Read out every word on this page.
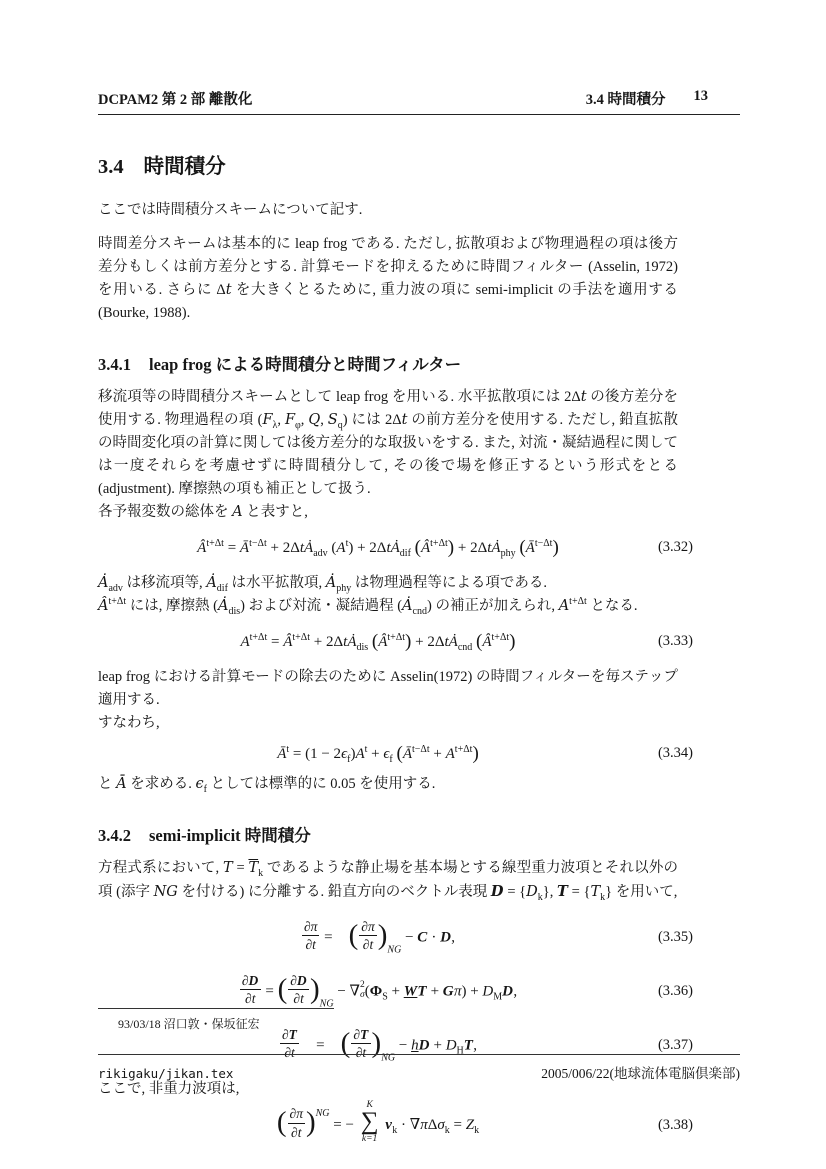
DCPAM2 第 2 部 離散化	3.4 時間積分 13
3.4 時間積分

ここでは時間積分スキームについて記す.

時間差分スキームは基本的に leap frog である. ただし, 拡散項および物理過程の項は後方差分もしくは前方差分とする. 計算モードを抑えるために時間フィルター (Asselin, 1972) を用いる. さらに Δt を大きくとるために, 重力波の項に semi-implicit の手法を適用する (Bourke, 1988).

3.4.1 leap frog による時間積分と時間フィルター

移流項等の時間積分スキームとして leap frog を用いる. 水平拡散項には 2Δt の後方差分を使用する. 物理過程の項 ($F_\lambda$, $F_\varphi$, Q, $S_q$) には 2Δt の前方差分を使用する. ただし, 鉛直拡散の時間変化項の計算に関しては後方差分的な取扱いをする. また, 対流・凝結過程に関しては一度それらを考慮せずに時間積分して, その後で場を修正するという形式をとる (adjustment). 摩擦熱の項も補正として扱う.

各予報変数の総体を A と表すと,

$Â^{t+\Delta t}$ = $Ā^{t-\Delta t}$ + 2ΔtȦ$_{adv}$ $(A^t)$ + 2ΔtȦ$_{dif}$ $(Â^{t+\Delta t})$ + 2ΔtȦ$_{phy}$ $(Ā^{t-\Delta t})$	(3.32)

$Ȧ_{adv}$ は移流項等, $Ȧ_{dif}$ は水平拡散項, $Ȧ_{phy}$ は物理過程等による項である.

$Â^{t+\Delta t}$ には, 摩擦熱 $(Ȧ_{dis})$ および対流・凝結過程 $(Ȧ_{cnd})$ の補正が加えられ, $A^{t+\Delta t}$ となる.

$A^{t+\Delta t}$ = $Â^{t+\Delta t}$ + 2ΔtȦ$_{dis}$ $(Â^{t+\Delta t})$ + 2ΔtȦ$_{cnd}$ $(Â^{t+\Delta t})$	(3.33)

leap frog における計算モードの除去のために Asselin(1972) の時間フィルターを毎ステップ適用する.

すなわち,

$Ā^t = (1 - 2\epsilon_f)A^t + \epsilon_f$ $(Ā^{t-\Delta t} + A^{t+\Delta t})$	(3.34)

と Ā を求める. $\epsilon_f$ としては標準的に 0.05 を使用する.

3.4.2 semi-implicit 時間積分

方程式系において, $T = \overline{T}_k$ であるような静止場を基本場とする線型重力波項とそれ以外の項 (添字 NG を付ける) に分離する. 鉛直方向のベクトル表現 $D = \{D_k\}$, $T = \{T_k\}$ を用いて,

$\frac{\partial\pi}{\partial t}$ = ( $\frac{\partial\pi}{\partial t} )_{NG} - C \cdot D$,	(3.35)
$\frac{\partial D}{\partial t}$ = ( $\frac{\partial D}{\partial t} )_{NG}$ − ∇ 2
σ ($\Phi_S$ + WT + $G\pi) + D_MD$,	(3.36)
$\frac{\partial T}{\partial t}$ = ( $\frac{\partial T}{\partial t} )_{NG}$ − hD + $D_HT$,	(3.37)

ここで, 非重力波項は,

( $\frac{\partial\pi}{\partial t} )^{NG}$ = −
K
∑
k=1
$v_k \cdot \nabla\pi\Delta\sigma_k = Z_k$	(3.38)
93/03/18 沼口敦・保坂征宏
rikigaku/jikan.tex	2005/006/22(地球流体電脳倶楽部)
